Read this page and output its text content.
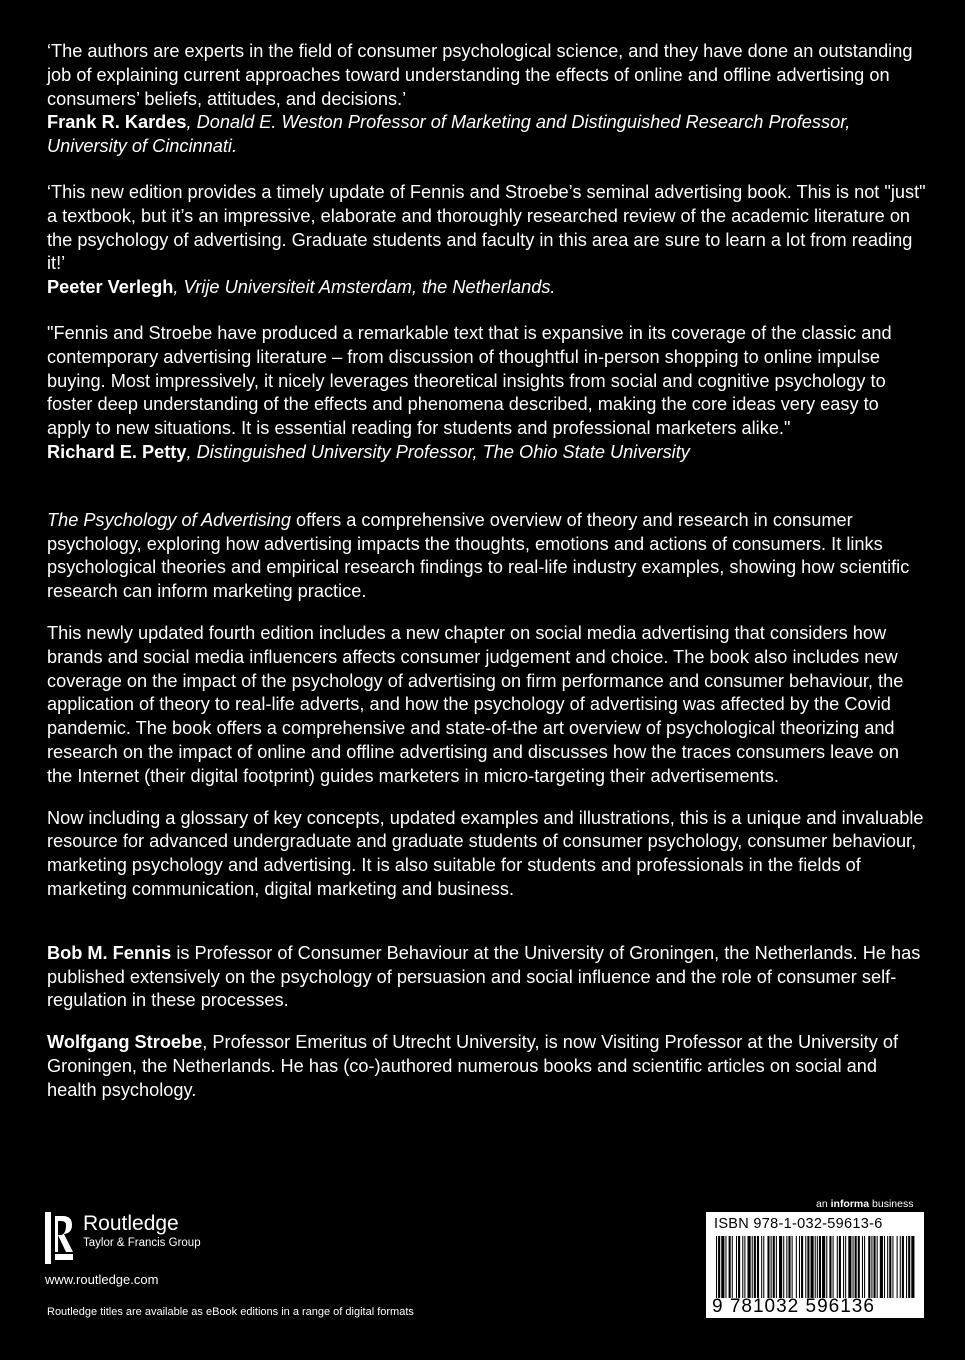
‘The authors are experts in the field of consumer psychological science, and they have done an outstanding job of explaining current approaches toward understanding the effects of online and offline advertising on consumers’ beliefs, attitudes, and decisions.’

Frank R. Kardes, Donald E. Weston Professor of Marketing and Distinguished Research Professor, University of Cincinnati.

‘This new edition provides a timely update of Fennis and Stroebe’s seminal advertising book. This is not "just" a textbook, but it’s an impressive, elaborate and thoroughly researched review of the academic literature on the psychology of advertising. Graduate students and faculty in this area are sure to learn a lot from reading it!’

Peeter Verlegh, Vrije Universiteit Amsterdam, the Netherlands.

"Fennis and Stroebe have produced a remarkable text that is expansive in its coverage of the classic and contemporary advertising literature – from discussion of thoughtful in-person shopping to online impulse buying. Most impressively, it nicely leverages theoretical insights from social and cognitive psychology to foster deep understanding of the effects and phenomena described, making the core ideas very easy to apply to new situations. It is essential reading for students and professional marketers alike."

Richard E. Petty, Distinguished University Professor, The Ohio State University

The Psychology of Advertising offers a comprehensive overview of theory and research in consumer psychology, exploring how advertising impacts the thoughts, emotions and actions of consumers. It links psychological theories and empirical research findings to real-life industry examples, showing how scientific research can inform marketing practice.

This newly updated fourth edition includes a new chapter on social media advertising that considers how brands and social media influencers affects consumer judgement and choice. The book also includes new coverage on the impact of the psychology of advertising on firm performance and consumer behaviour, the application of theory to real-life adverts, and how the psychology of advertising was affected by the Covid pandemic. The book offers a comprehensive and state-of-the art overview of psychological theorizing and research on the impact of online and offline advertising and discusses how the traces consumers leave on the Internet (their digital footprint) guides marketers in micro-targeting their advertisements.

Now including a glossary of key concepts, updated examples and illustrations, this is a unique and invaluable resource for advanced undergraduate and graduate students of consumer psychology, consumer behaviour, marketing psychology and advertising. It is also suitable for students and professionals in the fields of marketing communication, digital marketing and business.

Bob M. Fennis is Professor of Consumer Behaviour at the University of Groningen, the Netherlands. He has published extensively on the psychology of persuasion and social influence and the role of consumer self-regulation in these processes.

Wolfgang Stroebe, Professor Emeritus of Utrecht University, is now Visiting Professor at the University of Groningen, the Netherlands. He has (co-)authored numerous books and scientific articles on social and health psychology.

Routledge
Taylor & Francis Group
www.routledge.com
Routledge titles are available as eBook editions in a range of digital formats
an informa business
ISBN 978-1-032-59613-6
9 781032 596136
